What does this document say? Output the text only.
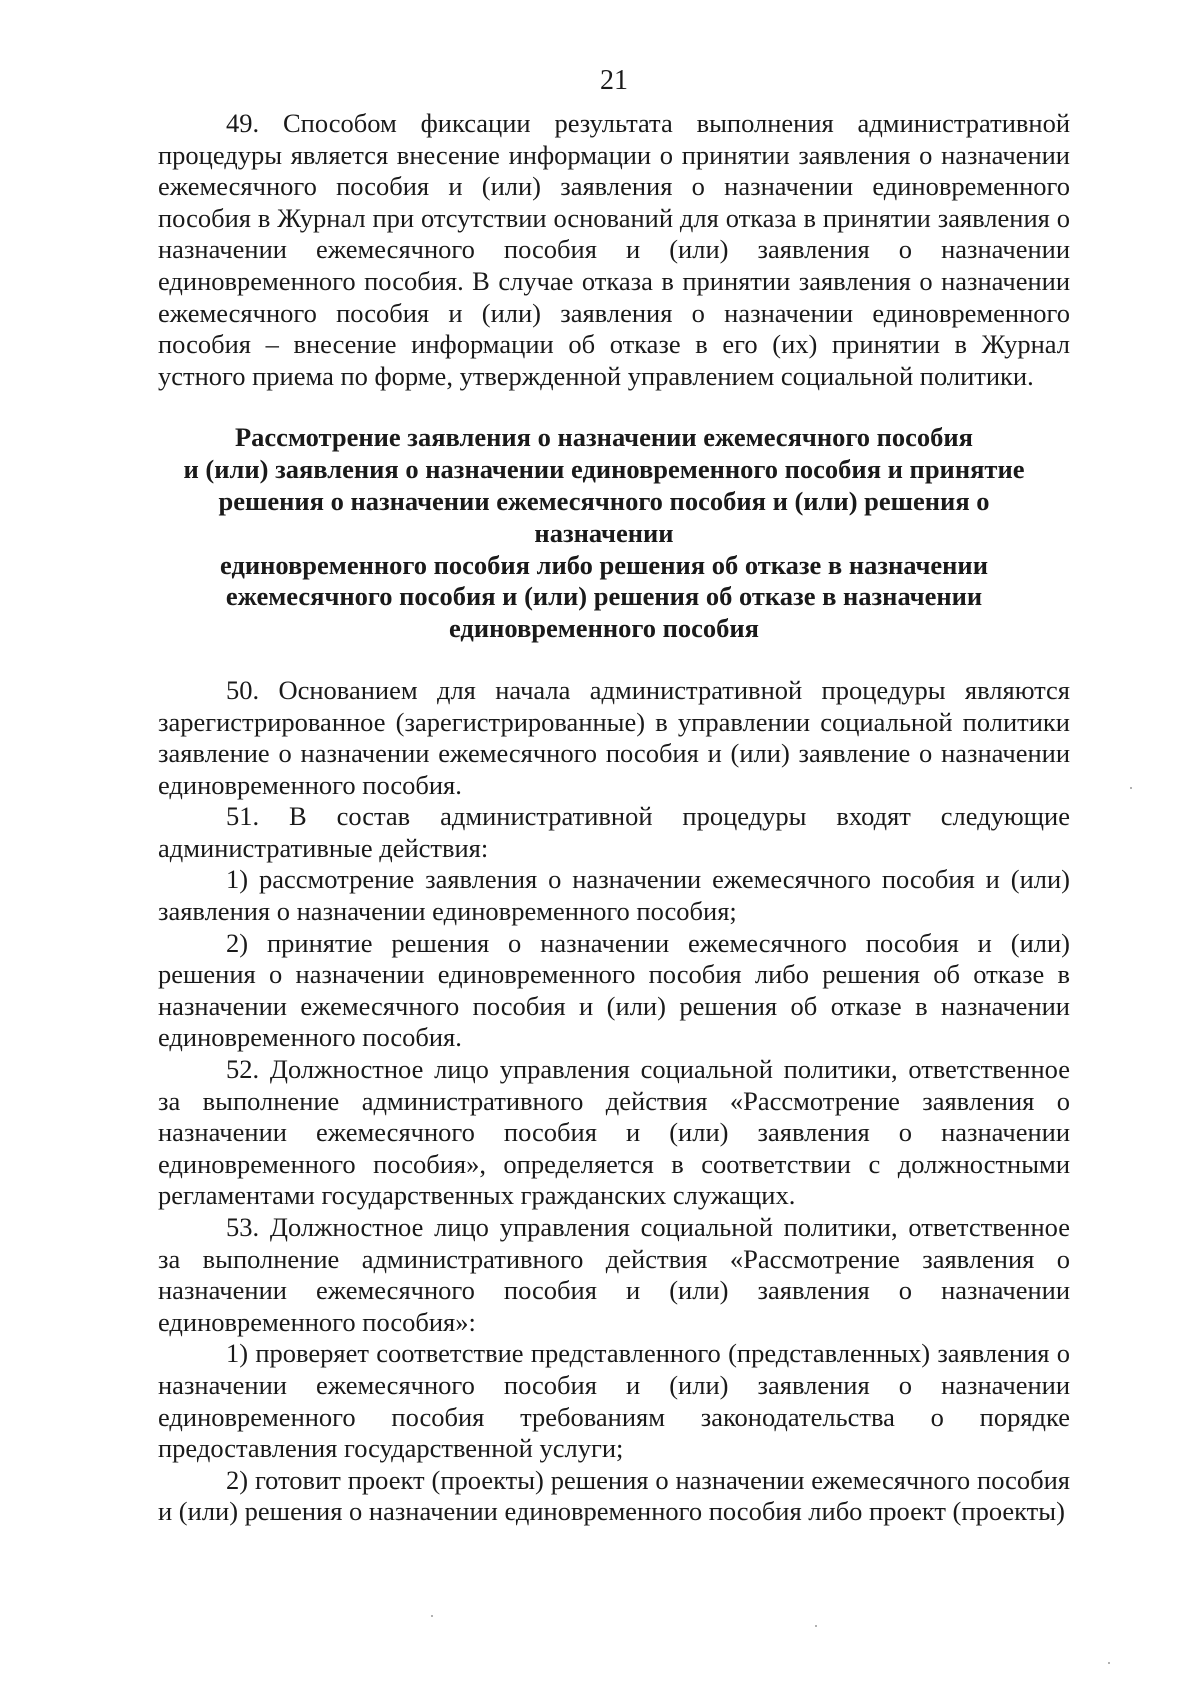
21

49. Способом фиксации результата выполнения административной процедуры является внесение информации о принятии заявления о назначении ежемесячного пособия и (или) заявления о назначении единовременного пособия в Журнал при отсутствии оснований для отказа в принятии заявления о назначении ежемесячного пособия и (или) заявления о назначении единовременного пособия. В случае отказа в принятии заявления о назначении ежемесячного пособия и (или) заявления о назначении единовременного пособия – внесение информации об отказе в его (их) принятии в Журнал устного приема по форме, утвержденной управлением социальной политики.

Рассмотрение заявления о назначении ежемесячного пособия
и (или) заявления о назначении единовременного пособия и принятие
решения о назначении ежемесячного пособия и (или) решения о назначении
единовременного пособия либо решения об отказе в назначении
ежемесячного пособия и (или) решения об отказе в назначении
единовременного пособия

50. Основанием для начала административной процедуры являются зарегистрированное (зарегистрированные) в управлении социальной политики заявление о назначении ежемесячного пособия и (или) заявление о назначении единовременного пособия.

51. В состав административной процедуры входят следующие административные действия:

1) рассмотрение заявления о назначении ежемесячного пособия и (или) заявления о назначении единовременного пособия;

2) принятие решения о назначении ежемесячного пособия и (или) решения о назначении единовременного пособия либо решения об отказе в назначении ежемесячного пособия и (или) решения об отказе в назначении единовременного пособия.

52. Должностное лицо управления социальной политики, ответственное за выполнение административного действия «Рассмотрение заявления о назначении ежемесячного пособия и (или) заявления о назначении единовременного пособия», определяется в соответствии с должностными регламентами государственных гражданских служащих.

53. Должностное лицо управления социальной политики, ответственное за выполнение административного действия «Рассмотрение заявления о назначении ежемесячного пособия и (или) заявления о назначении единовременного пособия»:

1) проверяет соответствие представленного (представленных) заявления о назначении ежемесячного пособия и (или) заявления о назначении единовременного пособия требованиям законодательства о порядке предоставления государственной услуги;

2) готовит проект (проекты) решения о назначении ежемесячного пособия и (или) решения о назначении единовременного пособия либо проект (проекты)
